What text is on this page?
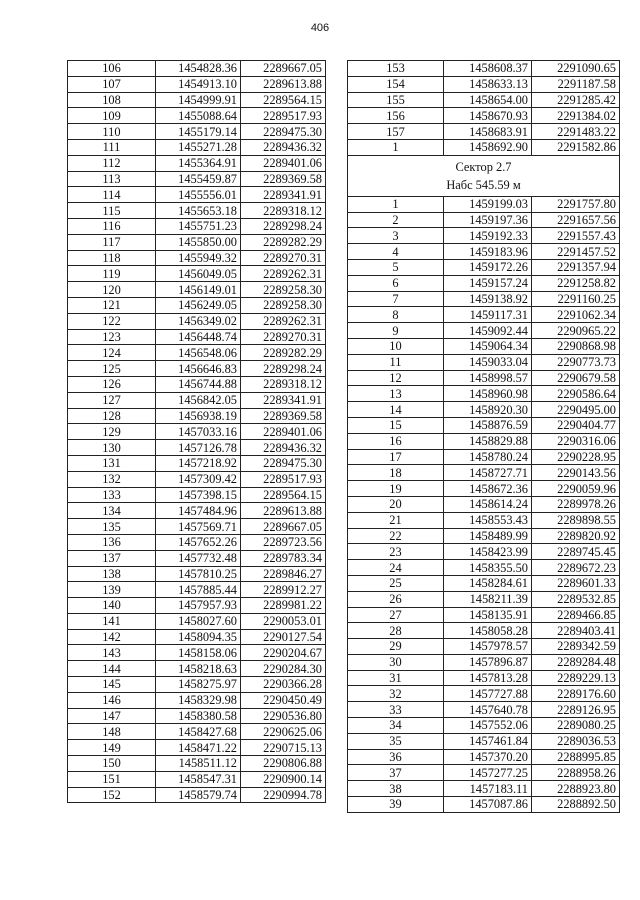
406
106	1454828.36	2289667.05
107	1454913.10	2289613.88
108	1454999.91	2289564.15
109	1455088.64	2289517.93
110	1455179.14	2289475.30
111	1455271.28	2289436.32
112	1455364.91	2289401.06
113	1455459.87	2289369.58
114	1455556.01	2289341.91
115	1455653.18	2289318.12
116	1455751.23	2289298.24
117	1455850.00	2289282.29
118	1455949.32	2289270.31
119	1456049.05	2289262.31
120	1456149.01	2289258.30
121	1456249.05	2289258.30
122	1456349.02	2289262.31
123	1456448.74	2289270.31
124	1456548.06	2289282.29
125	1456646.83	2289298.24
126	1456744.88	2289318.12
127	1456842.05	2289341.91
128	1456938.19	2289369.58
129	1457033.16	2289401.06
130	1457126.78	2289436.32
131	1457218.92	2289475.30
132	1457309.42	2289517.93
133	1457398.15	2289564.15
134	1457484.96	2289613.88
135	1457569.71	2289667.05
136	1457652.26	2289723.56
137	1457732.48	2289783.34
138	1457810.25	2289846.27
139	1457885.44	2289912.27
140	1457957.93	2289981.22
141	1458027.60	2290053.01
142	1458094.35	2290127.54
143	1458158.06	2290204.67
144	1458218.63	2290284.30
145	1458275.97	2290366.28
146	1458329.98	2290450.49
147	1458380.58	2290536.80
148	1458427.68	2290625.06
149	1458471.22	2290715.13
150	1458511.12	2290806.88
151	1458547.31	2290900.14
152	1458579.74	2290994.78
153	1458608.37	2291090.65
154	1458633.13	2291187.58
155	1458654.00	2291285.42
156	1458670.93	2291384.02
157	1458683.91	2291483.22
1	1458692.90	2291582.86

Сектор 2.7
Набс 545.59 м		

1	1459199.03	2291757.80
2	1459197.36	2291657.56
3	1459192.33	2291557.43
4	1459183.96	2291457.52
5	1459172.26	2291357.94
6	1459157.24	2291258.82
7	1459138.92	2291160.25
8	1459117.31	2291062.34
9	1459092.44	2290965.22
10	1459064.34	2290868.98
11	1459033.04	2290773.73
12	1458998.57	2290679.58
13	1458960.98	2290586.64
14	1458920.30	2290495.00
15	1458876.59	2290404.77
16	1458829.88	2290316.06
17	1458780.24	2290228.95
18	1458727.71	2290143.56
19	1458672.36	2290059.96
20	1458614.24	2289978.26
21	1458553.43	2289898.55
22	1458489.99	2289820.92
23	1458423.99	2289745.45
24	1458355.50	2289672.23
25	1458284.61	2289601.33
26	1458211.39	2289532.85
27	1458135.91	2289466.85
28	1458058.28	2289403.41
29	1457978.57	2289342.59
30	1457896.87	2289284.48
31	1457813.28	2289229.13
32	1457727.88	2289176.60
33	1457640.78	2289126.95
34	1457552.06	2289080.25
35	1457461.84	2289036.53
36	1457370.20	2288995.85
37	1457277.25	2288958.26
38	1457183.11	2288923.80
39	1457087.86	2288892.50
